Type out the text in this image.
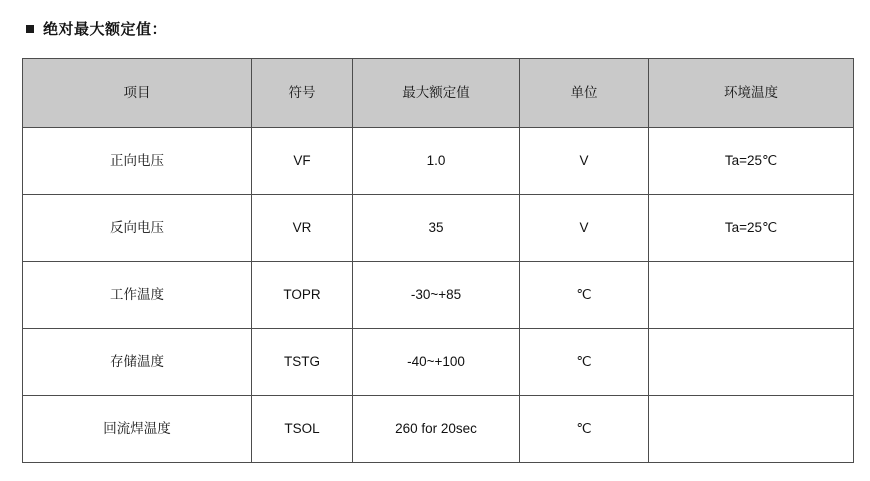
绝对最大额定值：
项目	符号	最大额定值	单位	环境温度

正向电压	VF	1.0	V	Ta=25℃

反向电压	VR	35	V	Ta=25℃

工作温度	TOPR	-30~+85	℃	

存储温度	TSTG	-40~+100	℃	

回流焊温度	TSOL	260 for 20sec	℃	
